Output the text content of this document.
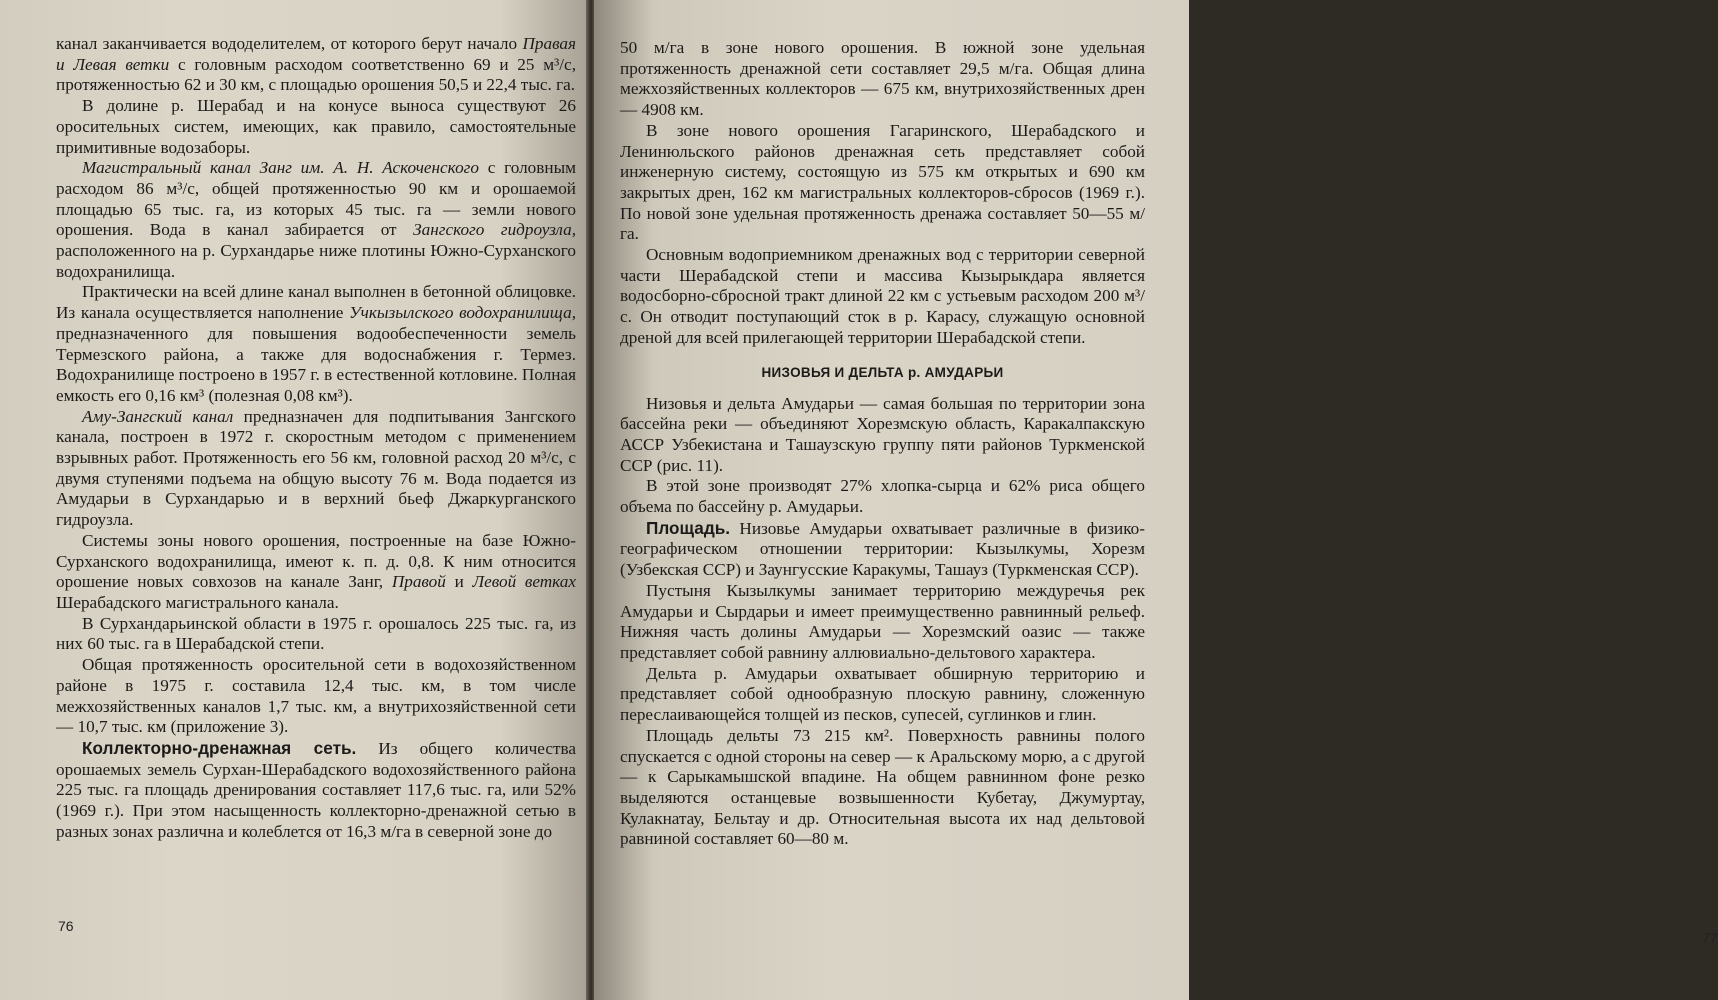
канал заканчивается вододелителем, от которого берут начало Правая и Левая ветки с головным расходом соответственно 69 и 25 м³/с, протяженностью 62 и 30 км, с площадью орошения 50,5 и 22,4 тыс. га.

В долине р. Шерабад и на конусе выноса существуют 26 оросительных систем, имеющих, как правило, самостоятельные примитивные водозаборы.

Магистральный канал Занг им. А. Н. Аскоченского с головным расходом 86 м³/с, общей протяженностью 90 км и орошаемой площадью 65 тыс. га, из которых 45 тыс. га — земли нового орошения. Вода в канал забирается от Зангского гидроузла, расположенного на р. Сурхандарье ниже плотины Южно-Сурханского водохранилища.

Практически на всей длине канал выполнен в бетонной облицовке. Из канала осуществляется наполнение Учкызылского водохранилища, предназначенного для повышения водообеспеченности земель Термезского района, а также для водоснабжения г. Термез. Водохранилище построено в 1957 г. в естественной котловине. Полная емкость его 0,16 км³ (полезная 0,08 км³).

Аму-Зангский канал предназначен для подпитывания Зангского канала, построен в 1972 г. скоростным методом с применением взрывных работ. Протяженность его 56 км, головной расход 20 м³/с, с двумя ступенями подъема на общую высоту 76 м. Вода подается из Амударьи в Сурхандарью и в верхний бьеф Джаркурганского гидроузла.

Системы зоны нового орошения, построенные на базе Южно-Сурханского водохранилища, имеют к. п. д. 0,8. К ним относится орошение новых совхозов на канале Занг, Правой и Левой ветках Шерабадского магистрального канала.

В Сурхандарьинской области в 1975 г. орошалось 225 тыс. га, из них 60 тыс. га в Шерабадской степи.

Общая протяженность оросительной сети в водохозяйственном районе в 1975 г. составила 12,4 тыс. км, в том числе межхозяйственных каналов 1,7 тыс. км, а внутрихозяйственной сети — 10,7 тыс. км (приложение 3).

Коллекторно-дренажная сеть. Из общего количества орошаемых земель Сурхан-Шерабадского водохозяйственного района 225 тыс. га площадь дренирования составляет 117,6 тыс. га, или 52% (1969 г.). При этом насыщенность коллекторно-дренажной сетью в разных зонах различна и колеблется от 16,3 м/га в северной зоне до

76

50 м/га в зоне нового орошения. В южной зоне удельная протяженность дренажной сети составляет 29,5 м/га. Общая длина межхозяйственных коллекторов — 675 км, внутрихозяйственных дрен — 4908 км.

В зоне нового орошения Гагаринского, Шерабадского и Ленинюльского районов дренажная сеть представляет собой инженерную систему, состоящую из 575 км открытых и 690 км закрытых дрен, 162 км магистральных коллекторов-сбросов (1969 г.). По новой зоне удельная протяженность дренажа составляет 50—55 м/га.

Основным водоприемником дренажных вод с территории северной части Шерабадской степи и массива Кызырыкдара является водосборно-сбросной тракт длиной 22 км с устьевым расходом 200 м³/с. Он отводит поступающий сток в р. Карасу, служащую основной дреной для всей прилегающей территории Шерабадской степи.

НИЗОВЬЯ И ДЕЛЬТА р. АМУДАРЬИ

Низовья и дельта Амударьи — самая большая по территории зона бассейна реки — объединяют Хорезмскую область, Каракалпакскую АССР Узбекистана и Ташаузскую группу пяти районов Туркменской ССР (рис. 11).

В этой зоне производят 27% хлопка-сырца и 62% риса общего объема по бассейну р. Амударьи.

Площадь. Низовье Амударьи охватывает различные в физико-географическом отношении территории: Кызылкумы, Хорезм (Узбекская ССР) и Заунгусские Каракумы, Ташауз (Туркменская ССР).

Пустыня Кызылкумы занимает территорию междуречья рек Амударьи и Сырдарьи и имеет преимущественно равнинный рельеф. Нижняя часть долины Амударьи — Хорезмский оазис — также представляет собой равнину аллювиально-дельтового характера.

Дельта р. Амударьи охватывает обширную территорию и представляет собой однообразную плоскую равнину, сложенную переслаивающейся толщей из песков, супесей, суглинков и глин.

Площадь дельты 73 215 км². Поверхность равнины полого спускается с одной стороны на север — к Аральскому морю, а с другой — к Сарыкамышской впадине. На общем равнинном фоне резко выделяются останцевые возвышенности Кубетау, Джумуртау, Кулакнатау, Бельтау и др. Относительная высота их над дельтовой равниной составляет 60—80 м.

77
